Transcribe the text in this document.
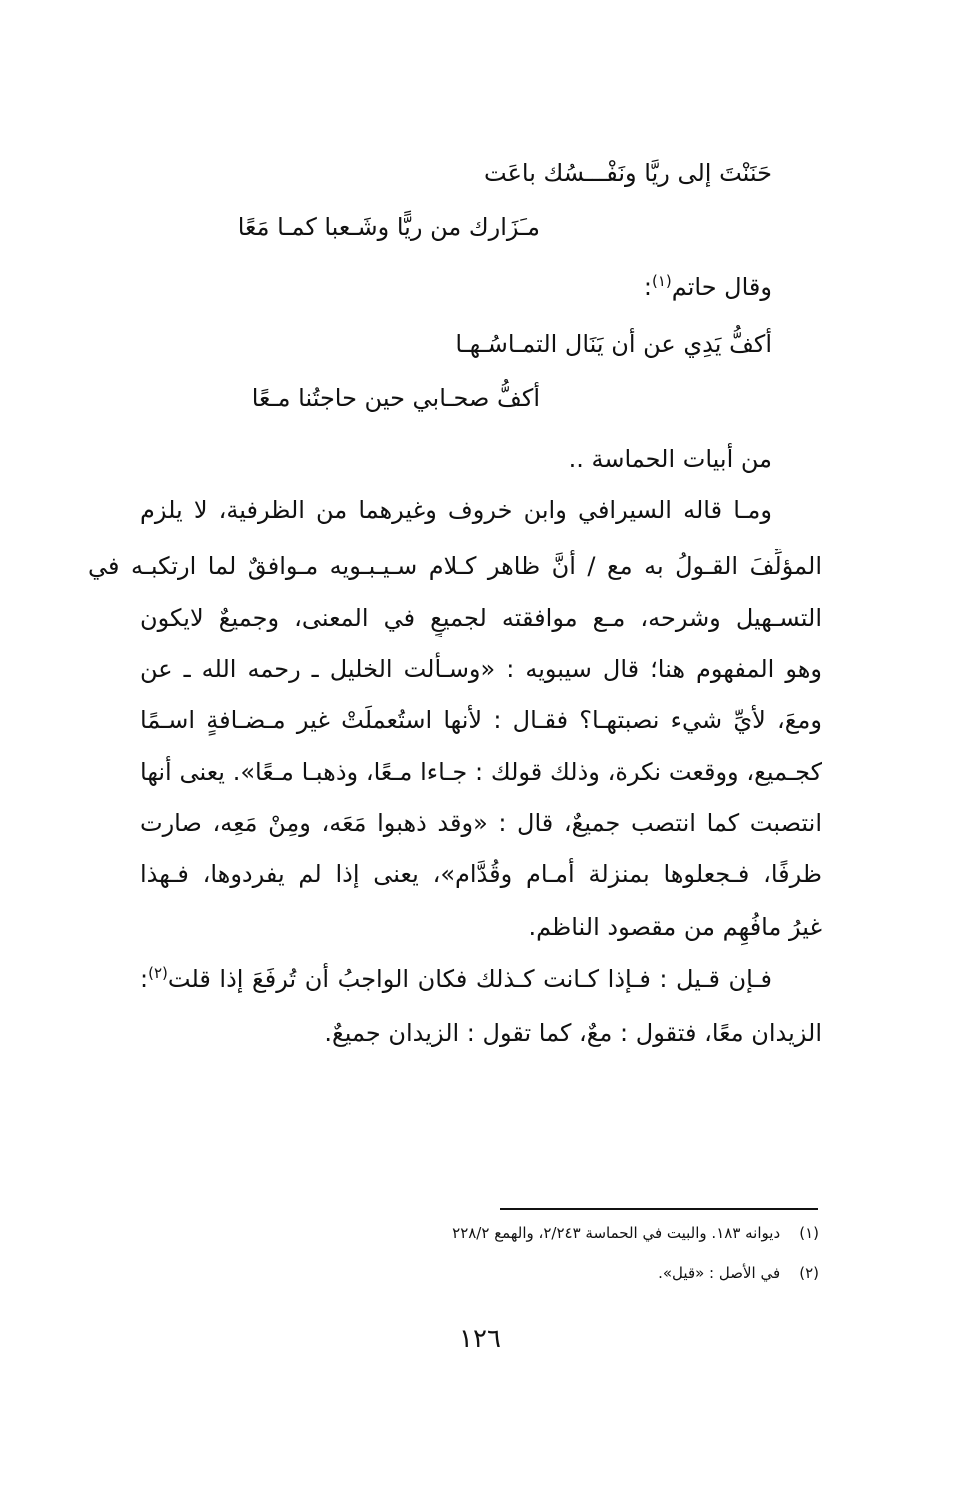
حَنَنْتَ إلى ريَّا ونَفْـــسُك باعَت
مـَزَارك من ريًّا وشَـعبا كمـا مَعًا
وقال حاتم$^{(١)}$:
أكفُّ يَدِي عن أن يَنَال التمـاسُـهـا
أكفُّ صحـابي حين حاجتُنا مـعًا
من أبيات الحماسة ..
ومـا قاله السيرافي وابن خروف وغيرهما من الظرفية، لا يلزم
المؤلِّفَ القـولُ به مع / أنَّ ظاهر كـلام سـيـبـويه مـوافقٌ لما ارتكبـه في
التسـهيل وشرحه، مـع موافقته لجميعٍ في المعنى، وجميعٌ لايكون
وهو المفهوم هنا؛ قال سيبويه : «وسـألت الخليل ـ رحمه الله ـ عن
ومعَ، لأيِّ شيء نصبتهـا؟ فقـال : لأنها استُعملَتْ غير مـضـافةٍ اسـمًا
كجـميع، ووقعت نكرة، وذلك قولك : جـاءا مـعًا، وذهبـا مـعًا». يعنى أنها
انتصبت كما انتصب جميعٌ، قال : «وقد ذهبوا مَعَه، ومِنْ مَعِه، صارت
ظرفًا، فـجعلوها بمنزلة أمـام وقُدَّام»، يعنى إذا لم يفردوها، فـهذا
غيرُ مافُهِم من مقصود الناظم.
فـإن قـيل : فـإذا كـانت كـذلك فكان الواجبُ أن تُرفَعَ إذا قلت$^{(٢)}$:
الزيدان معًا، فتقول : معٌ، كما تقول : الزيدان جميعٌ.
(١)    ديوانه ١٨٣. والبيت في الحماسة ٢/٢٤٣، والهمع ٢٢٨/٢
(٢)    في الأصل : «قيل».
١٢٦
